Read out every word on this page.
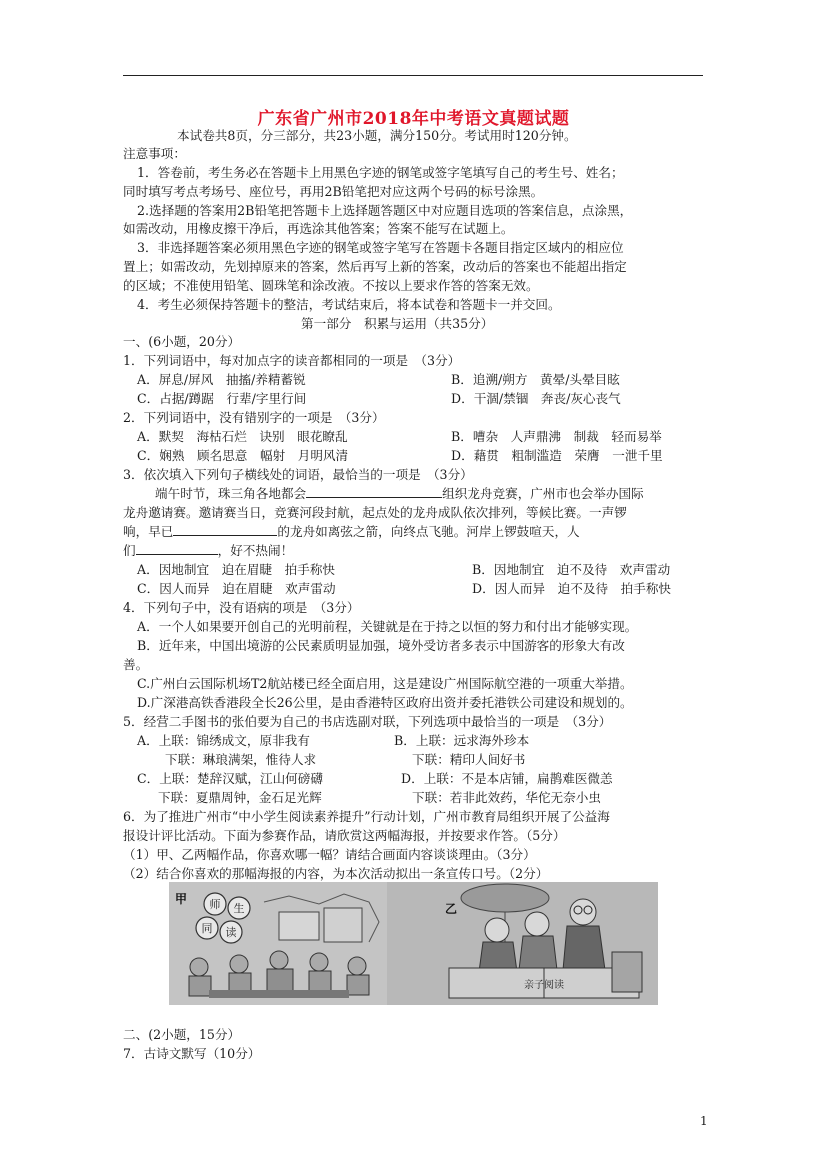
广东省广州市2018年中考语文真题试题
本试卷共8页，分三部分，共23小题，满分150分。考试用时120分钟。
注意事项：
1．答卷前，考生务必在答题卡上用黑色字迹的钢笔或签字笔填写自己的考生号、姓名；
同时填写考点考场号、座位号，再用2B铅笔把对应这两个号码的标号涂黑。
2.选择题的答案用2B铅笔把答题卡上选择题答题区中对应题目选项的答案信息，点涂黑，
如需改动，用橡皮擦干净后，再选涂其他答案；答案不能写在试题上。
3．非选择题答案必须用黑色字迹的钢笔或签字笔写在答题卡各题目指定区域内的相应位
置上；如需改动，先划掉原来的答案，然后再写上新的答案，改动后的答案也不能超出指定
的区域；不准使用铅笔、圆珠笔和涂改液。不按以上要求作答的答案无效。
4．考生必须保持答题卡的整洁，考试结束后，将本试卷和答题卡一并交回。
第一部分　积累与运用（共35分）
一、(6小题，20分）
1．下列词语中，每对加点字的读音都相同的一项是　（3分）
A．屏息/屏风　抽搐/养精蓄锐	B．追溯/朔方　黄晕/头晕目眩
C．占据/蹲踞　行辈/字里行间	D．干涸/禁锢　奔丧/灰心丧气
2．下列词语中，没有错别字的一项是　（3分）
A．默契　海枯石烂　诀别　眼花瞭乱	B．嘈杂　人声鼎沸　制裁　轻而易举
C．娴熟　顾名思意　幅射　月明风清	D．藉贯　粗制滥造　荣膺　一泄千里
3．依次填入下列句子横线处的词语，最恰当的一项是　（3分）
端午时节，珠三角各地都会	组织龙舟竞赛，广州市也会举办国际
龙舟邀请赛。邀请赛当日，竞赛河段封航，起点处的龙舟成队依次排列，等候比赛。一声锣
响，早已	的龙舟如离弦之箭，向终点飞驰。河岸上锣鼓喧天，人
们	，好不热闹！
A．因地制宜　迫在眉睫　拍手称快	B．因地制宜　迫不及待　欢声雷动
C．因人而异　迫在眉睫　欢声雷动	D．因人而异　迫不及待　拍手称快
4．下列句子中，没有语病的项是　（3分）
A．一个人如果要开创自己的光明前程，关键就是在于持之以恒的努力和付出才能够实现。
B．近年来，中国出境游的公民素质明显加强，境外受访者多表示中国游客的形象大有改
善。
C.广州白云国际机场T2航站楼已经全面启用，这是建设广州国际航空港的一项重大举措。
D.广深港高铁香港段全长26公里，是由香港特区政府出资并委托港铁公司建设和规划的。
5．经营二手图书的张伯要为自己的书店选副对联，下列选项中最恰当的一项是　（3分）
A．上联：锦绣成文，原非我有	B．上联：远求海外珍本
下联：琳琅满架，惟待人求	下联：精印人间好书
C．上联：楚辞汉赋，江山何磅礴	D．上联：不是本店铺，扁鹊难医微恙
下联：夏鼎周钟，金石足光辉	下联：若非此效药，华佗无奈小虫
6．为了推进广州市“中小学生阅读素养提升”行动计划，广州市教育局组织开展了公益海
报设计评比活动。下面为参赛作品，请欣赏这两幅海报，并按要求作答。（5分）
（1）甲、乙两幅作品，你喜欢哪一幅？请结合画面内容谈谈理由。（3分）
（2）结合你喜欢的那幅海报的内容，为本次活动拟出一条宣传口号。（2分）
甲 师 生
同 读
乙
亲子阅读
二、(2小题，15分）
7．古诗文默写（10分）
1
